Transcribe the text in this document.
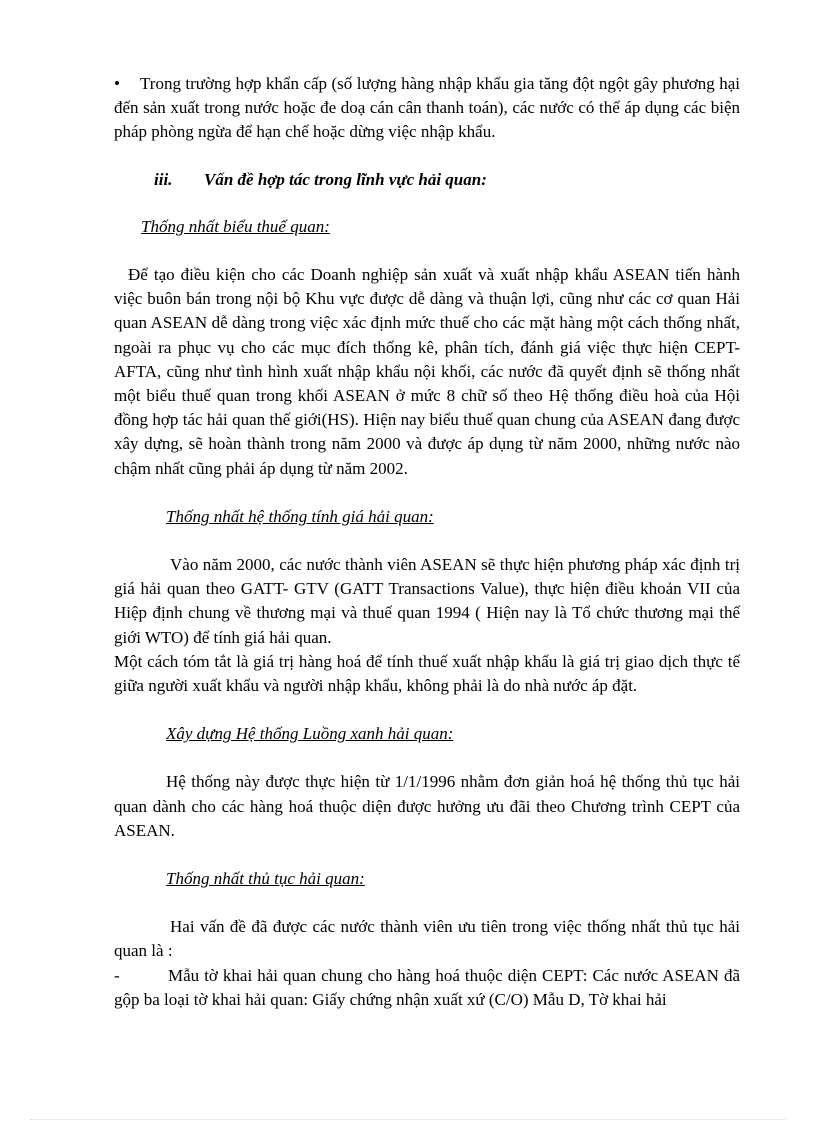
• Trong trường hợp khẩn cấp (số lượng hàng nhập khẩu gia tăng đột ngột gây phương hại đến sản xuất trong nước hoặc đe doạ cán cân thanh toán), các nước có thể áp dụng các biện pháp phòng ngừa để hạn chế hoặc dừng việc nhập khẩu.

iii. Vấn đề hợp tác trong lĩnh vực hải quan:

Thống nhất biểu thuế quan:

Để tạo điều kiện cho các Doanh nghiệp sản xuất và xuất nhập khẩu ASEAN tiến hành việc buôn bán trong nội bộ Khu vực được dễ dàng và thuận lợi, cũng như các cơ quan Hải quan ASEAN dễ dàng trong việc xác định mức thuế cho các mặt hàng một cách thống nhất, ngoài ra phục vụ cho các mục đích thống kê, phân tích, đánh giá việc thực hiện CEPT- AFTA, cũng như tình hình xuất nhập khẩu nội khối, các nước đã quyết định sẽ thống nhất một biểu thuế quan trong khối ASEAN ở mức 8 chữ số theo Hệ thống điều hoà của Hội đồng hợp tác hải quan thế giới(HS). Hiện nay biểu thuế quan chung của ASEAN đang được xây dựng, sẽ hoàn thành trong năm 2000 và được áp dụng từ năm 2000, những nước nào chậm nhất cũng phải áp dụng từ năm 2002.

Thống nhất hệ thống tính giá hải quan:

Vào năm 2000, các nước thành viên ASEAN sẽ thực hiện phương pháp xác định trị giá hải quan theo GATT- GTV (GATT Transactions Value), thực hiện điều khoản VII của Hiệp định chung về thương mại và thuế quan 1994 ( Hiện nay là Tổ chức thương mại thế giới WTO) để tính giá hải quan.

Một cách tóm tắt là giá trị hàng hoá để tính thuế xuất nhập khẩu là giá trị giao dịch thực tế giữa người xuất khẩu và người nhập khẩu, không phải là do nhà nước áp đặt.

Xây dựng Hệ thống Luồng xanh hải quan:

Hệ thống này được thực hiện từ 1/1/1996 nhằm đơn giản hoá hệ thống thủ tục hải quan dành cho các hàng hoá thuộc diện được hưởng ưu đãi theo Chương trình CEPT của ASEAN.

Thống nhất thủ tục hải quan:

Hai vấn đề đã được các nước thành viên ưu tiên trong việc thống nhất thủ tục hải quan là :

-	Mẫu tờ khai hải quan chung cho hàng hoá thuộc diện CEPT: Các nước ASEAN đã gộp ba loại tờ khai hải quan: Giấy chứng nhận xuất xứ (C/O) Mẫu D, Tờ khai hải
